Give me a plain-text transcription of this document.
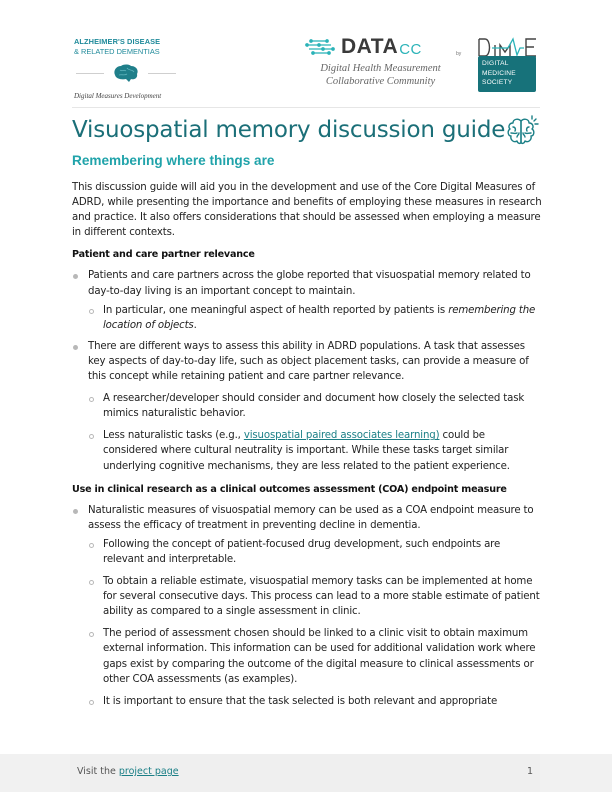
ALZHEIMER'S DISEASE
& RELATED DEMENTIAS
Digital Measures Development
DATA CC	by
Digital Health Measurement
Collaborative Community
DIGITAL
MEDICINE
SOCIETY
Visuospatial memory discussion guide
Remembering where things are

This discussion guide will aid you in the development and use of the Core Digital Measures of ADRD, while presenting the importance and benefits of employing these measures in research and practice. It also offers considerations that should be assessed when employing a measure in different contexts.

Patient and care partner relevance
Patients and care partners across the globe reported that visuospatial memory related to day-to-day living is an important concept to maintain.
In particular, one meaningful aspect of health reported by patients is remembering the location of objects.
There are different ways to assess this ability in ADRD populations. A task that assesses key aspects of day-to-day life, such as object placement tasks, can provide a measure of this concept while retaining patient and care partner relevance.
A researcher/developer should consider and document how closely the selected task mimics naturalistic behavior.
Less naturalistic tasks (e.g., visuospatial paired associates learning) could be considered where cultural neutrality is important. While these tasks target similar underlying cognitive mechanisms, they are less related to the patient experience.
Use in clinical research as a clinical outcomes assessment (COA) endpoint measure
Naturalistic measures of visuospatial memory can be used as a COA endpoint measure to assess the efficacy of treatment in preventing decline in dementia.
Following the concept of patient-focused drug development, such endpoints are relevant and interpretable.
To obtain a reliable estimate, visuospatial memory tasks can be implemented at home for several consecutive days. This process can lead to a more stable estimate of patient ability as compared to a single assessment in clinic.
The period of assessment chosen should be linked to a clinic visit to obtain maximum external information. This information can be used for additional validation work where gaps exist by comparing the outcome of the digital measure to clinical assessments or other COA assessments (as examples).
It is important to ensure that the task selected is both relevant and appropriate
Visit the project page	1
